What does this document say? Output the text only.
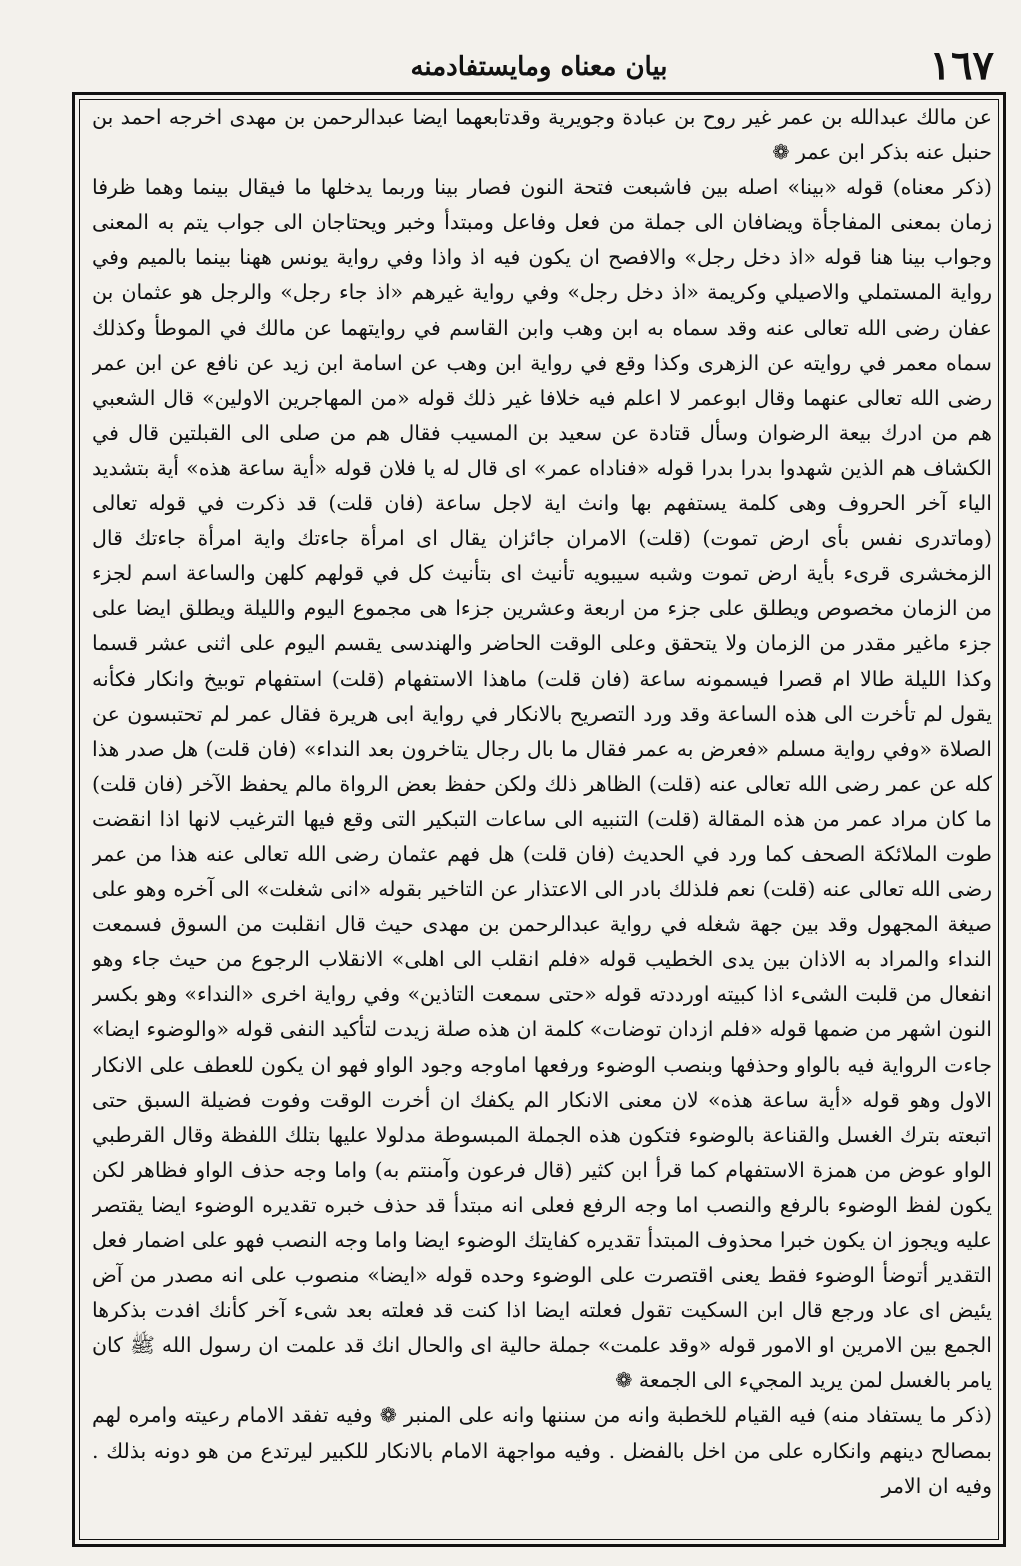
١٦٧
بيان معناه ومايستفادمنه

عن مالك عبدالله بن عمر غير روح بن عبادة وجويرية وقدتابعهما ايضا عبدالرحمن بن مهدى اخرجه احمد بن حنبل عنه بذكر ابن عمر ❁

(ذكر معناه) قوله «بينا» اصله بين فاشبعت فتحة النون فصار بينا وربما يدخلها ما فيقال بينما وهما ظرفا زمان بمعنى المفاجأة ويضافان الى جملة من فعل وفاعل ومبتدأ وخبر ويحتاجان الى جواب يتم به المعنى وجواب بينا هنا قوله «اذ دخل رجل» والافصح ان يكون فيه اذ واذا وفي رواية يونس ههنا بينما بالميم وفي رواية المستملي والاصيلي وكريمة «اذ دخل رجل» وفي رواية غيرهم «اذ جاء رجل» والرجل هو عثمان بن عفان رضى الله تعالى عنه وقد سماه به ابن وهب وابن القاسم في روايتهما عن مالك في الموطأ وكذلك سماه معمر في روايته عن الزهرى وكذا وقع في رواية ابن وهب عن اسامة ابن زيد عن نافع عن ابن عمر رضى الله تعالى عنهما وقال ابوعمر لا اعلم فيه خلافا غير ذلك قوله «من المهاجرين الاولين» قال الشعبي هم من ادرك بيعة الرضوان وسأل قتادة عن سعيد بن المسيب فقال هم من صلى الى القبلتين قال في الكشاف هم الذين شهدوا بدرا بدرا قوله «فناداه عمر» اى قال له يا فلان قوله «أية ساعة هذه» أية بتشديد الياء آخر الحروف وهى كلمة يستفهم بها وانث اية لاجل ساعة (فان قلت) قد ذكرت في قوله تعالى (وماتدرى نفس بأى ارض تموت) (قلت) الامران جائزان يقال اى امرأة جاءتك واية امرأة جاءتك قال الزمخشرى قرىء بأية ارض تموت وشبه سيبويه تأنيث اى بتأنيث كل في قولهم كلهن والساعة اسم لجزء من الزمان مخصوص ويطلق على جزء من اربعة وعشرين جزءا هى مجموع اليوم والليلة ويطلق ايضا على جزء ماغير مقدر من الزمان ولا يتحقق وعلى الوقت الحاضر والهندسى يقسم اليوم على اثنى عشر قسما وكذا الليلة طالا ام قصرا فيسمونه ساعة (فان قلت) ماهذا الاستفهام (قلت) استفهام توبيخ وانكار فكأنه يقول لم تأخرت الى هذه الساعة وقد ورد التصريح بالانكار في رواية ابى هريرة فقال عمر لم تحتبسون عن الصلاة «وفي رواية مسلم «فعرض به عمر فقال ما بال رجال يتاخرون بعد النداء» (فان قلت) هل صدر هذا كله عن عمر رضى الله تعالى عنه (قلت) الظاهر ذلك ولكن حفظ بعض الرواة مالم يحفظ الآخر (فان قلت) ما كان مراد عمر من هذه المقالة (قلت) التنبيه الى ساعات التبكير التى وقع فيها الترغيب لانها اذا انقضت طوت الملائكة الصحف كما ورد في الحديث (فان قلت) هل فهم عثمان رضى الله تعالى عنه هذا من عمر رضى الله تعالى عنه (قلت) نعم فلذلك بادر الى الاعتذار عن التاخير بقوله «انى شغلت» الى آخره وهو على صيغة المجهول وقد بين جهة شغله في رواية عبدالرحمن بن مهدى حيث قال انقلبت من السوق فسمعت النداء والمراد به الاذان بين يدى الخطيب قوله «فلم انقلب الى اهلى» الانقلاب الرجوع من حيث جاء وهو انفعال من قلبت الشىء اذا كبيته اورددته قوله «حتى سمعت التاذين» وفي رواية اخرى «النداء» وهو بكسر النون اشهر من ضمها قوله «فلم ازدان توضات» كلمة ان هذه صلة زيدت لتأكيد النفى قوله «والوضوء ايضا» جاءت الرواية فيه بالواو وحذفها وبنصب الوضوء ورفعها اماوجه وجود الواو فهو ان يكون للعطف على الانكار الاول وهو قوله «أية ساعة هذه» لان معنى الانكار الم يكفك ان أخرت الوقت وفوت فضيلة السبق حتى اتبعته بترك الغسل والقناعة بالوضوء فتكون هذه الجملة المبسوطة مدلولا عليها بتلك اللفظة وقال القرطبي الواو عوض من همزة الاستفهام كما قرأ ابن كثير (قال فرعون وآمنتم به) واما وجه حذف الواو فظاهر لكن يكون لفظ الوضوء بالرفع والنصب اما وجه الرفع فعلى انه مبتدأ قد حذف خبره تقديره الوضوء ايضا يقتصر عليه ويجوز ان يكون خبرا محذوف المبتدأ تقديره كفايتك الوضوء ايضا واما وجه النصب فهو على اضمار فعل التقدير أتوضأ الوضوء فقط يعنى اقتصرت على الوضوء وحده قوله «ايضا» منصوب على انه مصدر من آض يئيض اى عاد ورجع قال ابن السكيت تقول فعلته ايضا اذا كنت قد فعلته بعد شىء آخر كأنك افدت بذكرها الجمع بين الامرين او الامور قوله «وقد علمت» جملة حالية اى والحال انك قد علمت ان رسول الله ﷺ كان يامر بالغسل لمن يريد المجيء الى الجمعة ❁

(ذكر ما يستفاد منه) فيه القيام للخطبة وانه من سننها وانه على المنبر ❁ وفيه تفقد الامام رعيته وامره لهم بمصالح دينهم وانكاره على من اخل بالفضل . وفيه مواجهة الامام بالانكار للكبير ليرتدع من هو دونه بذلك . وفيه ان الامر
